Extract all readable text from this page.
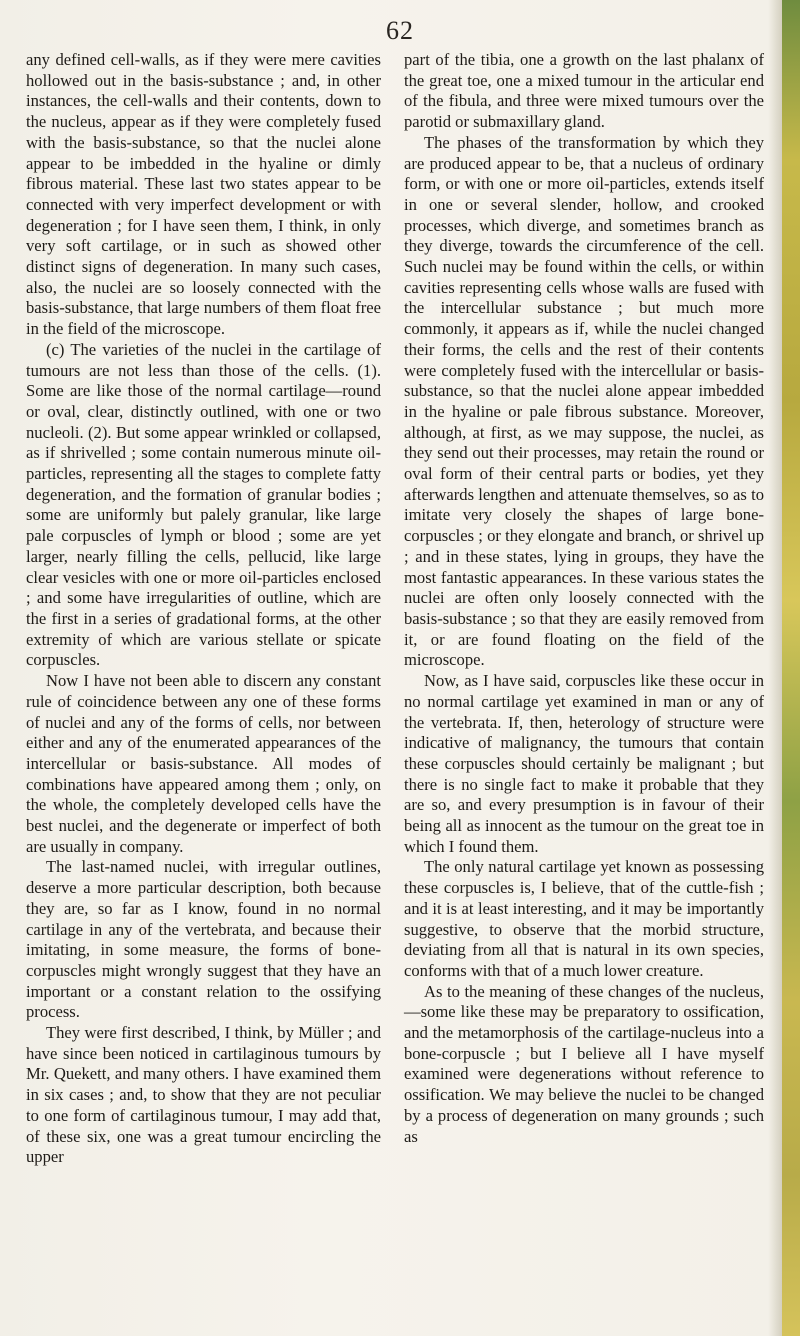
62

any defined cell-walls, as if they were mere cavities hollowed out in the basis-substance ; and, in other instances, the cell-walls and their contents, down to the nucleus, appear as if they were completely fused with the basis-substance, so that the nuclei alone appear to be imbedded in the hyaline or dimly fibrous material. These last two states appear to be connected with very imperfect development or with degeneration ; for I have seen them, I think, in only very soft cartilage, or in such as showed other distinct signs of degeneration. In many such cases, also, the nuclei are so loosely connected with the basis-substance, that large numbers of them float free in the field of the microscope.

(c) The varieties of the nuclei in the cartilage of tumours are not less than those of the cells. (1). Some are like those of the normal cartilage—round or oval, clear, distinctly outlined, with one or two nucleoli. (2). But some appear wrinkled or collapsed, as if shrivelled ; some contain numerous minute oil-particles, representing all the stages to complete fatty degeneration, and the formation of granular bodies ; some are uniformly but palely granular, like large pale corpuscles of lymph or blood ; some are yet larger, nearly filling the cells, pellucid, like large clear vesicles with one or more oil-particles enclosed ; and some have irregularities of outline, which are the first in a series of gradational forms, at the other extremity of which are various stellate or spicate corpuscles.

Now I have not been able to discern any constant rule of coincidence between any one of these forms of nuclei and any of the forms of cells, nor between either and any of the enumerated appearances of the intercellular or basis-substance. All modes of combinations have appeared among them ; only, on the whole, the completely developed cells have the best nuclei, and the degenerate or imperfect of both are usually in company.

The last-named nuclei, with irregular outlines, deserve a more particular description, both because they are, so far as I know, found in no normal cartilage in any of the vertebrata, and because their imitating, in some measure, the forms of bone-corpuscles might wrongly suggest that they have an important or a constant relation to the ossifying process.

They were first described, I think, by Müller ; and have since been noticed in cartilaginous tumours by Mr. Quekett, and many others. I have examined them in six cases ; and, to show that they are not peculiar to one form of cartilaginous tumour, I may add that, of these six, one was a great tumour encircling the upper

part of the tibia, one a growth on the last phalanx of the great toe, one a mixed tumour in the articular end of the fibula, and three were mixed tumours over the parotid or submaxillary gland.

The phases of the transformation by which they are produced appear to be, that a nucleus of ordinary form, or with one or more oil-particles, extends itself in one or several slender, hollow, and crooked processes, which diverge, and sometimes branch as they diverge, towards the circumference of the cell. Such nuclei may be found within the cells, or within cavities representing cells whose walls are fused with the intercellular substance ; but much more commonly, it appears as if, while the nuclei changed their forms, the cells and the rest of their contents were completely fused with the intercellular or basis-substance, so that the nuclei alone appear imbedded in the hyaline or pale fibrous substance. Moreover, although, at first, as we may suppose, the nuclei, as they send out their processes, may retain the round or oval form of their central parts or bodies, yet they afterwards lengthen and attenuate themselves, so as to imitate very closely the shapes of large bone-corpuscles ; or they elongate and branch, or shrivel up ; and in these states, lying in groups, they have the most fantastic appearances. In these various states the nuclei are often only loosely connected with the basis-substance ; so that they are easily removed from it, or are found floating on the field of the microscope.

Now, as I have said, corpuscles like these occur in no normal cartilage yet examined in man or any of the vertebrata. If, then, heterology of structure were indicative of malignancy, the tumours that contain these corpuscles should certainly be malignant ; but there is no single fact to make it probable that they are so, and every presumption is in favour of their being all as innocent as the tumour on the great toe in which I found them.

The only natural cartilage yet known as possessing these corpuscles is, I believe, that of the cuttle-fish ; and it is at least interesting, and it may be importantly suggestive, to observe that the morbid structure, deviating from all that is natural in its own species, conforms with that of a much lower creature.

As to the meaning of these changes of the nucleus,—some like these may be preparatory to ossification, and the metamorphosis of the cartilage-nucleus into a bone-corpuscle ; but I believe all I have myself examined were degenerations without reference to ossification. We may believe the nuclei to be changed by a process of degeneration on many grounds ; such as
